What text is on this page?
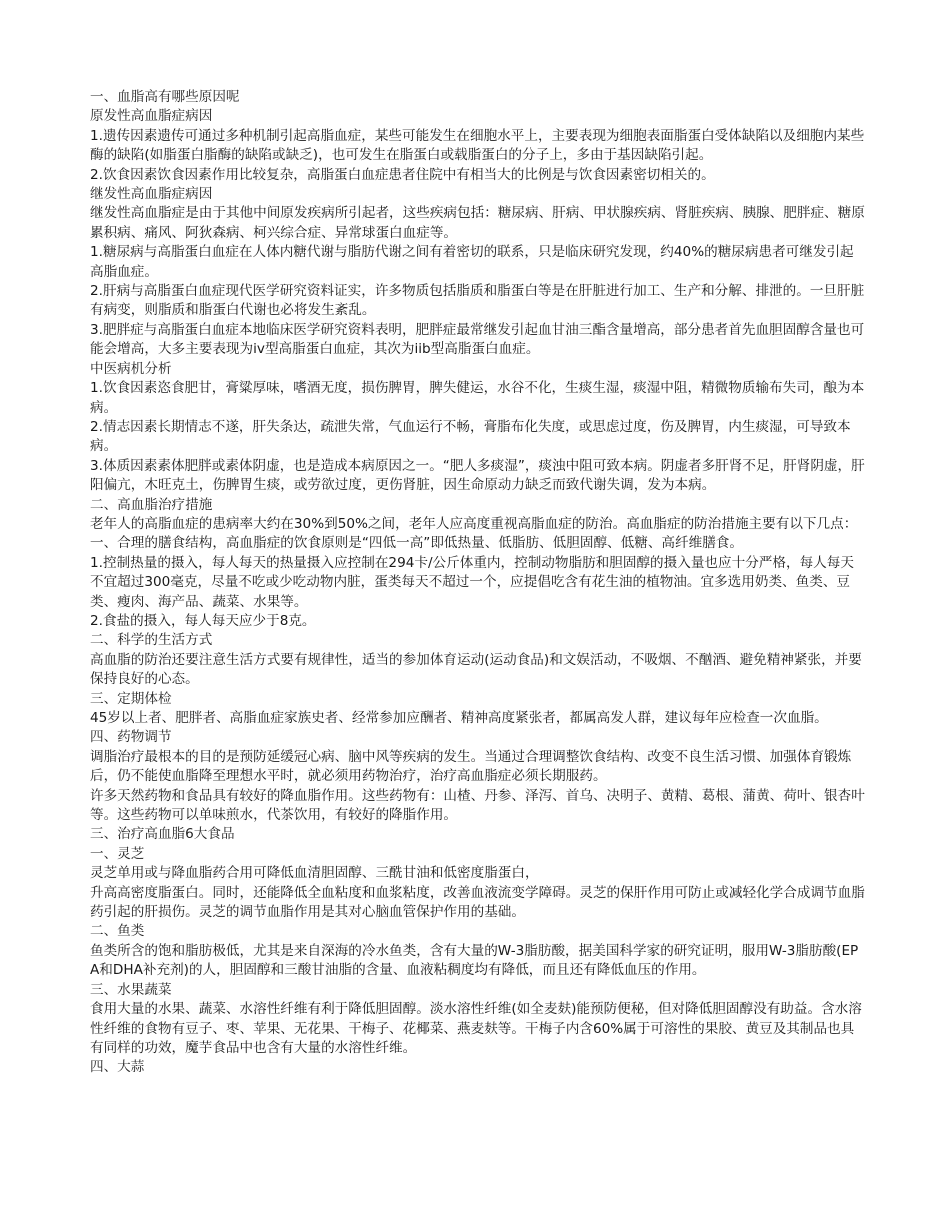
一、血脂高有哪些原因呢

原发性高血脂症病因

1.遗传因素遗传可通过多种机制引起高脂血症，某些可能发生在细胞水平上，主要表现为细胞表面脂蛋白受体缺陷以及细胞内某些酶的缺陷(如脂蛋白脂酶的缺陷或缺乏)，也可发生在脂蛋白或载脂蛋白的分子上，多由于基因缺陷引起。

2.饮食因素饮食因素作用比较复杂，高脂蛋白血症患者住院中有相当大的比例是与饮食因素密切相关的。

继发性高血脂症病因

继发性高血脂症是由于其他中间原发疾病所引起者，这些疾病包括：糖尿病、肝病、甲状腺疾病、肾脏疾病、胰腺、肥胖症、糖原累积病、痛风、阿狄森病、柯兴综合症、异常球蛋白血症等。

1.糖尿病与高脂蛋白血症在人体内糖代谢与脂肪代谢之间有着密切的联系，只是临床研究发现，约40%的糖尿病患者可继发引起高脂血症。

2.肝病与高脂蛋白血症现代医学研究资料证实，许多物质包括脂质和脂蛋白等是在肝脏进行加工、生产和分解、排泄的。一旦肝脏有病变，则脂质和脂蛋白代谢也必将发生紊乱。

3.肥胖症与高脂蛋白血症本地临床医学研究资料表明，肥胖症最常继发引起血甘油三酯含量增高，部分患者首先血胆固醇含量也可能会增高，大多主要表现为iv型高脂蛋白血症，其次为iib型高脂蛋白血症。

中医病机分析

1.饮食因素恣食肥甘，膏粱厚味，嗜酒无度，损伤脾胃，脾失健运，水谷不化，生痰生湿，痰湿中阻，精微物质输布失司，酿为本病。

2.情志因素长期情志不遂，肝失条达，疏泄失常，气血运行不畅，膏脂布化失度，或思虑过度，伤及脾胃，内生痰湿，可导致本病。

3.体质因素素体肥胖或素体阴虚，也是造成本病原因之一。“肥人多痰湿”，痰浊中阻可致本病。阴虚者多肝肾不足，肝肾阴虚，肝阳偏亢，木旺克土，伤脾胃生痰，或劳欲过度，更伤肾脏，因生命原动力缺乏而致代谢失调，发为本病。

二、高血脂治疗措施

老年人的高脂血症的患病率大约在30%到50%之间，老年人应高度重视高脂血症的防治。高血脂症的防治措施主要有以下几点：

一、合理的膳食结构，高血脂症的饮食原则是“四低一高”即低热量、低脂肪、低胆固醇、低糖、高纤维膳食。

1.控制热量的摄入，每人每天的热量摄入应控制在294卡/公斤体重内，控制动物脂肪和胆固醇的摄入量也应十分严格，每人每天不宜超过300毫克，尽量不吃或少吃动物内脏，蛋类每天不超过一个，应提倡吃含有花生油的植物油。宜多选用奶类、鱼类、豆类、瘦肉、海产品、蔬菜、水果等。

2.食盐的摄入，每人每天应少于8克。

二、科学的生活方式

高血脂的防治还要注意生活方式要有规律性，适当的参加体育运动(运动食品)和文娱活动，不吸烟、不酗酒、避免精神紧张，并要保持良好的心态。

三、定期体检

45岁以上者、肥胖者、高脂血症家族史者、经常参加应酬者、精神高度紧张者，都属高发人群，建议每年应检查一次血脂。

四、药物调节

调脂治疗最根本的目的是预防延缓冠心病、脑中风等疾病的发生。当通过合理调整饮食结构、改变不良生活习惯、加强体育锻炼后，仍不能使血脂降至理想水平时，就必须用药物治疗，治疗高血脂症必须长期服药。

许多天然药物和食品具有较好的降血脂作用。这些药物有：山楂、丹参、泽泻、首乌、决明子、黄精、葛根、蒲黄、荷叶、银杏叶等。这些药物可以单味煎水，代茶饮用，有较好的降脂作用。

三、治疗高血脂6大食品

一、灵芝

灵芝单用或与降血脂药合用可降低血清胆固醇、三酰甘油和低密度脂蛋白，

升高高密度脂蛋白。同时，还能降低全血粘度和血浆粘度，改善血液流变学障碍。灵芝的保肝作用可防止或减轻化学合成调节血脂药引起的肝损伤。灵芝的调节血脂作用是其对心脑血管保护作用的基础。

二、鱼类

鱼类所含的饱和脂肪极低，尤其是来自深海的冷水鱼类，含有大量的W-3脂肪酸，据美国科学家的研究证明，服用W-3脂肪酸(EPA和DHA补充剂)的人，胆固醇和三酸甘油脂的含量、血液粘稠度均有降低，而且还有降低血压的作用。

三、水果蔬菜

食用大量的水果、蔬菜、水溶性纤维有利于降低胆固醇。淡水溶性纤维(如全麦麸)能预防便秘，但对降低胆固醇没有助益。含水溶性纤维的食物有豆子、枣、苹果、无花果、干梅子、花椰菜、燕麦麸等。干梅子内含60%属于可溶性的果胶、黄豆及其制品也具有同样的功效，魔芋食品中也含有大量的水溶性纤维。

四、大蒜
